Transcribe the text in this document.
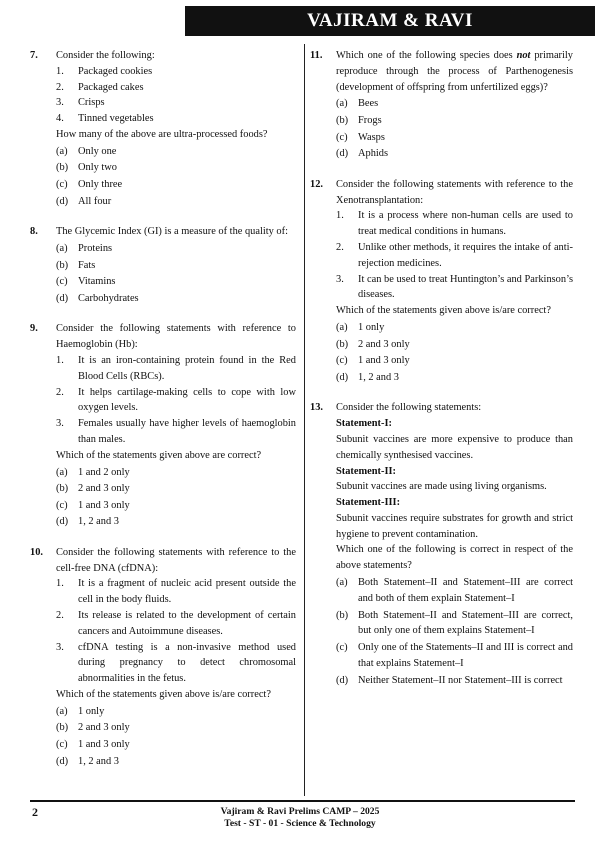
VAJIRAM & RAVI
7. Consider the following:
1. Packaged cookies
2. Packaged cakes
3. Crisps
4. Tinned vegetables
How many of the above are ultra-processed foods?
(a) Only one
(b) Only two
(c) Only three
(d) All four
8. The Glycemic Index (GI) is a measure of the quality of:
(a) Proteins
(b) Fats
(c) Vitamins
(d) Carbohydrates
9. Consider the following statements with reference to Haemoglobin (Hb):
1. It is an iron-containing protein found in the Red Blood Cells (RBCs).
2. It helps cartilage-making cells to cope with low oxygen levels.
3. Females usually have higher levels of haemoglobin than males.
Which of the statements given above are correct?
(a) 1 and 2 only
(b) 2 and 3 only
(c) 1 and 3 only
(d) 1, 2 and 3
10. Consider the following statements with reference to the cell-free DNA (cfDNA):
1. It is a fragment of nucleic acid present outside the cell in the body fluids.
2. Its release is related to the development of certain cancers and Autoimmune diseases.
3. cfDNA testing is a non-invasive method used during pregnancy to detect chromosomal abnormalities in the fetus.
Which of the statements given above is/are correct?
(a) 1 only
(b) 2 and 3 only
(c) 1 and 3 only
(d) 1, 2 and 3
11. Which one of the following species does not primarily reproduce through the process of Parthenogenesis (development of offspring from unfertilized eggs)?
(a) Bees
(b) Frogs
(c) Wasps
(d) Aphids
12. Consider the following statements with reference to the Xenotransplantation:
1. It is a process where non-human cells are used to treat medical conditions in humans.
2. Unlike other methods, it requires the intake of anti-rejection medicines.
3. It can be used to treat Huntington’s and Parkinson’s diseases.
Which of the statements given above is/are correct?
(a) 1 only
(b) 2 and 3 only
(c) 1 and 3 only
(d) 1, 2 and 3
13. Consider the following statements:
Statement-I:
Subunit vaccines are more expensive to produce than chemically synthesised vaccines.
Statement-II:
Subunit vaccines are made using living organisms.
Statement-III:
Subunit vaccines require substrates for growth and strict hygiene to prevent contamination.
Which one of the following is correct in respect of the above statements?
(a) Both Statement–II and Statement–III are correct and both of them explain Statement–I
(b) Both Statement–II and Statement–III are correct, but only one of them explains Statement–I
(c) Only one of the Statements–II and III is correct and that explains Statement–I
(d) Neither Statement–II nor Statement–III is correct
2	Vajiram & Ravi Prelims CAMP – 2025
Test - ST - 01 - Science & Technology
